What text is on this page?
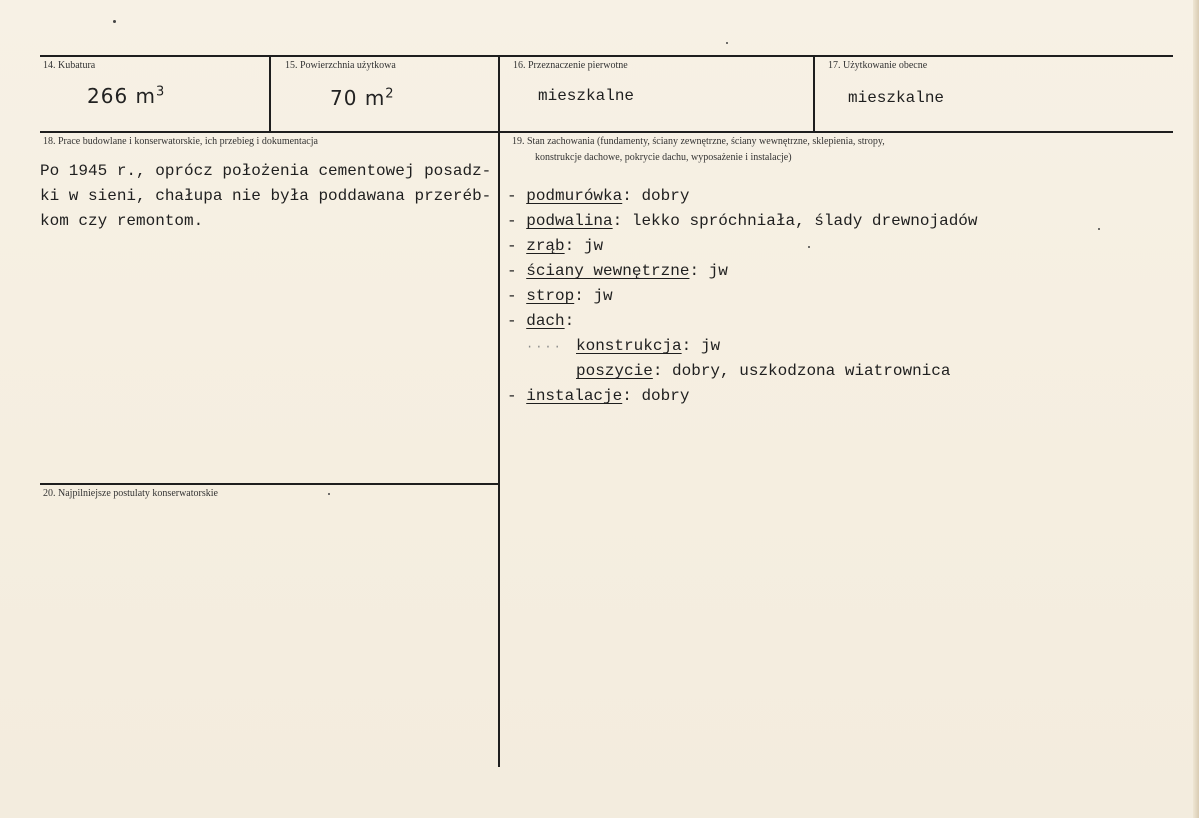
14. Kubatura
266 $m^3$
15. Powierzchnia użytkowa
70 $m^2$
16. Przeznaczenie pierwotne
mieszkalne
17. Użytkowanie obecne
mieszkalne
18. Prace budowlane i konserwatorskie, ich przebieg i dokumentacja
Po 1945 r., oprócz położenia cementowej posadz-
ki w sieni, chałupa nie była poddawana przeréb-
kom czy remontom.
19. Stan zachowania (fundamenty, ściany zewnętrzne, ściany wewnętrzne, sklepienia, stropy,
konstrukcje dachowe, pokrycie dachu, wyposażenie i instalacje)
- podmurówka: dobry
- podwalina: lekko spróchniała, ślady drewnojadów
- zrąb: jw
- ściany wewnętrzne: jw
- strop: jw
- dach:
···· konstrukcja: jw
poszycie: dobry, uszkodzona wiatrownica
- instalacje: dobry
20. Najpilniejsze postulaty konserwatorskie
